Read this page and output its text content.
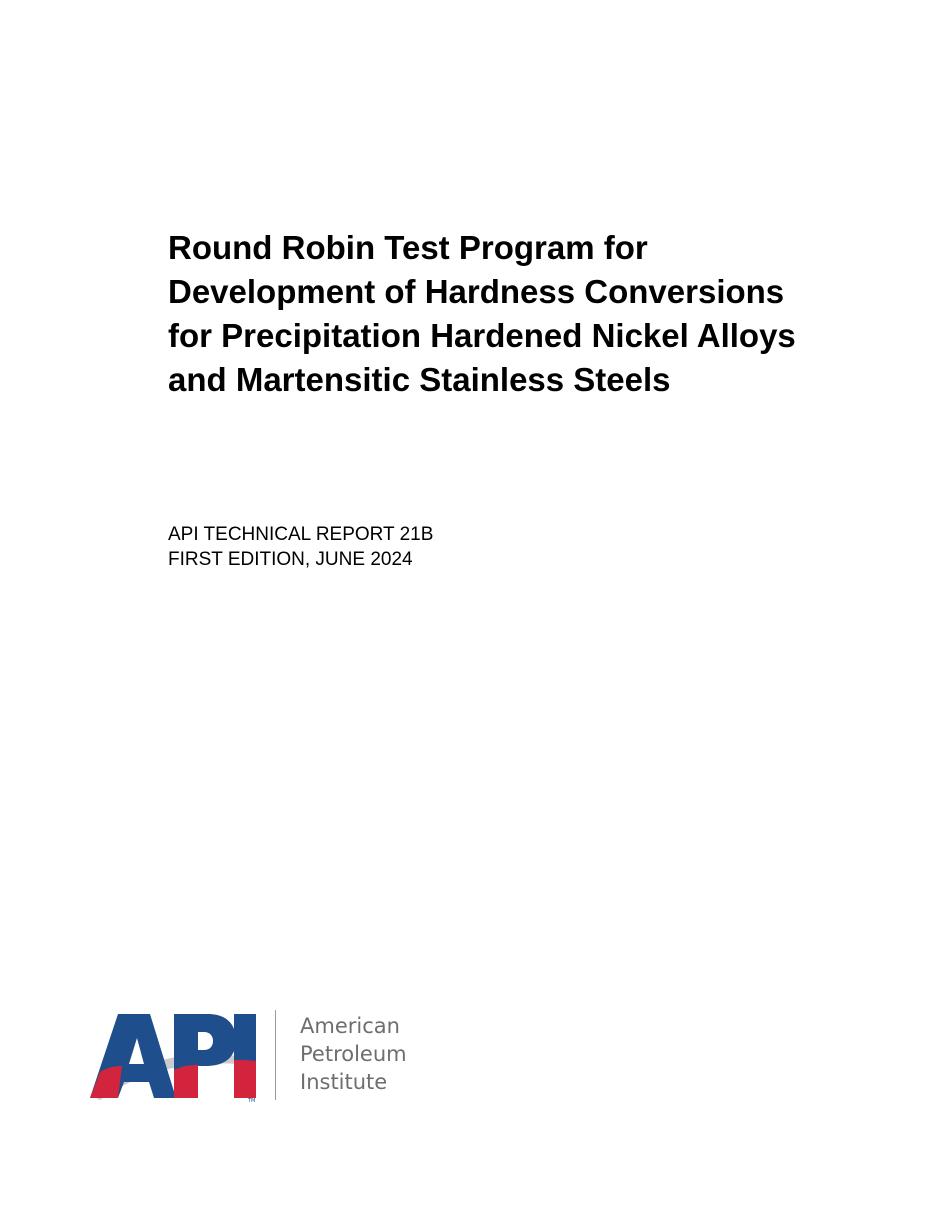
Round Robin Test Program for
Development of Hardness Conversions
for Precipitation Hardened Nickel Alloys
and Martensitic Stainless Steels
API TECHNICAL REPORT 21B
FIRST EDITION, JUNE 2024
TM
American
Petroleum
Institute
